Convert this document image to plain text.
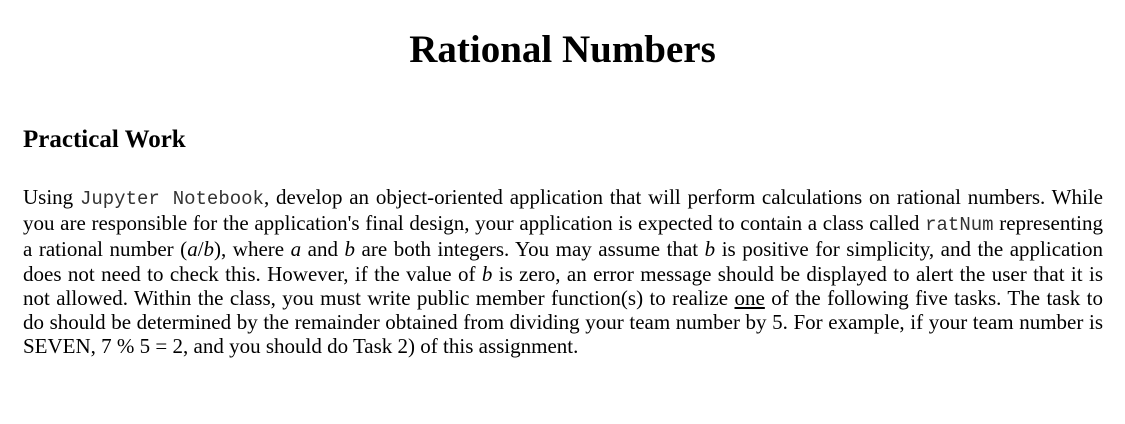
Rational Numbers
Practical Work

Using Jupyter Notebook, develop an object-oriented application that will perform calculations on rational numbers. While you are responsible for the application's final design, your application is expected to contain a class called ratNum representing a rational number (a/b), where a and b are both integers. You may assume that b is positive for simplicity, and the application does not need to check this. However, if the value of b is zero, an error message should be displayed to alert the user that it is not allowed. Within the class, you must write public member function(s) to realize one of the following five tasks. The task to do should be determined by the remainder obtained from dividing your team number by 5. For example, if your team number is SEVEN, 7 % 5 = 2, and you should do Task 2) of this assignment.
